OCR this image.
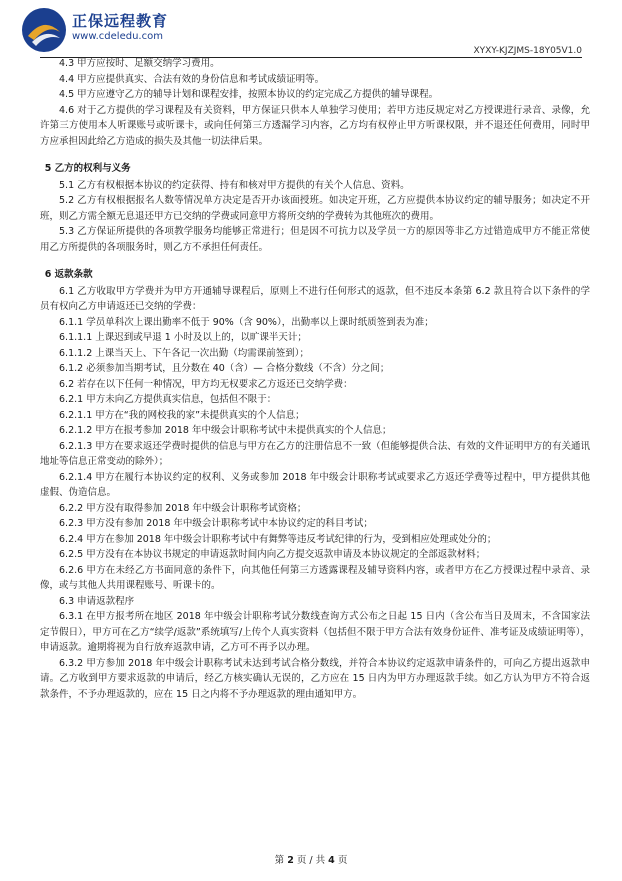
正保远程教育
www.cdeledu.com
XYXY-KJZJMS-18Y05V1.0

4.3 甲方应按时、足额交纳学习费用。

4.4 甲方应提供真实、合法有效的身份信息和考试成绩证明等。

4.5 甲方应遵守乙方的辅导计划和课程安排，按照本协议的约定完成乙方提供的辅导课程。

4.6 对于乙方提供的学习课程及有关资料，甲方保证只供本人单独学习使用；若甲方违反规定对乙方授课进行录音、录像，允许第三方使用本人听课账号或听课卡，或向任何第三方透漏学习内容，乙方均有权停止甲方听课权限，并不退还任何费用，同时甲方应承担因此给乙方造成的损失及其他一切法律后果。

5 乙方的权利与义务

5.1 乙方有权根据本协议的约定获得、持有和核对甲方提供的有关个人信息、资料。

5.2 乙方有权根据报名人数等情况单方决定是否开办该面授班。如决定开班，乙方应提供本协议约定的辅导服务；如决定不开班，则乙方需全额无息退还甲方已交纳的学费或同意甲方将所交纳的学费转为其他班次的费用。

5.3 乙方保证所提供的各项教学服务均能够正常进行；但是因不可抗力以及学员一方的原因等非乙方过错造成甲方不能正常使用乙方所提供的各项服务时，则乙方不承担任何责任。

6 返款条款

6.1 乙方收取甲方学费并为甲方开通辅导课程后，原则上不进行任何形式的返款，但不违反本条第 6.2 款且符合以下条件的学员有权向乙方申请返还已交纳的学费：

6.1.1 学员单科次上课出勤率不低于 90%（含 90%），出勤率以上课时纸质签到表为准；

6.1.1.1 上课迟到或早退 1 小时及以上的，以旷课半天计；

6.1.1.2 上课当天上、下午各记一次出勤（均需课前签到）；

6.1.2 必须参加当期考试，且分数在 40（含）— 合格分数线（不含）分之间；

6.2 若存在以下任何一种情况，甲方均无权要求乙方返还已交纳学费：

6.2.1 甲方未向乙方提供真实信息，包括但不限于：

6.2.1.1 甲方在“我的网校我的家”未提供真实的个人信息；

6.2.1.2 甲方在报考参加 2018 年中级会计职称考试中未提供真实的个人信息；

6.2.1.3 甲方在要求返还学费时提供的信息与甲方在乙方的注册信息不一致（但能够提供合法、有效的文件证明甲方的有关通讯地址等信息正常变动的除外）；

6.2.1.4 甲方在履行本协议约定的权利、义务或参加 2018 年中级会计职称考试或要求乙方返还学费等过程中，甲方提供其他虚假、伪造信息。

6.2.2 甲方没有取得参加 2018 年中级会计职称考试资格；

6.2.3 甲方没有参加 2018 年中级会计职称考试中本协议约定的科目考试；

6.2.4 甲方在参加 2018 年中级会计职称考试中有舞弊等违反考试纪律的行为，受到相应处理或处分的；

6.2.5 甲方没有在本协议书规定的申请返款时间内向乙方提交返款申请及本协议规定的全部返款材料；

6.2.6 甲方在未经乙方书面同意的条件下，向其他任何第三方透露课程及辅导资料内容，或者甲方在乙方授课过程中录音、录像，或与其他人共用课程账号、听课卡的。

6.3 申请返款程序

6.3.1 在甲方报考所在地区 2018 年中级会计职称考试分数线查询方式公布之日起 15 日内（含公布当日及周末，不含国家法定节假日），甲方可在乙方“续学/返款”系统填写/上传个人真实资料（包括但不限于甲方合法有效身份证件、准考证及成绩证明等），申请返款。逾期将视为自行放弃返款申请，乙方可不再予以办理。

6.3.2 甲方参加 2018 年中级会计职称考试未达到考试合格分数线，并符合本协议约定返款申请条件的，可向乙方提出返款申请。乙方收到甲方要求返款的申请后，经乙方核实确认无误的，乙方应在 15 日内为甲方办理返款手续。如乙方认为甲方不符合返款条件，不予办理返款的，应在 15 日之内将不予办理返款的理由通知甲方。

第 2 页 / 共 4 页
